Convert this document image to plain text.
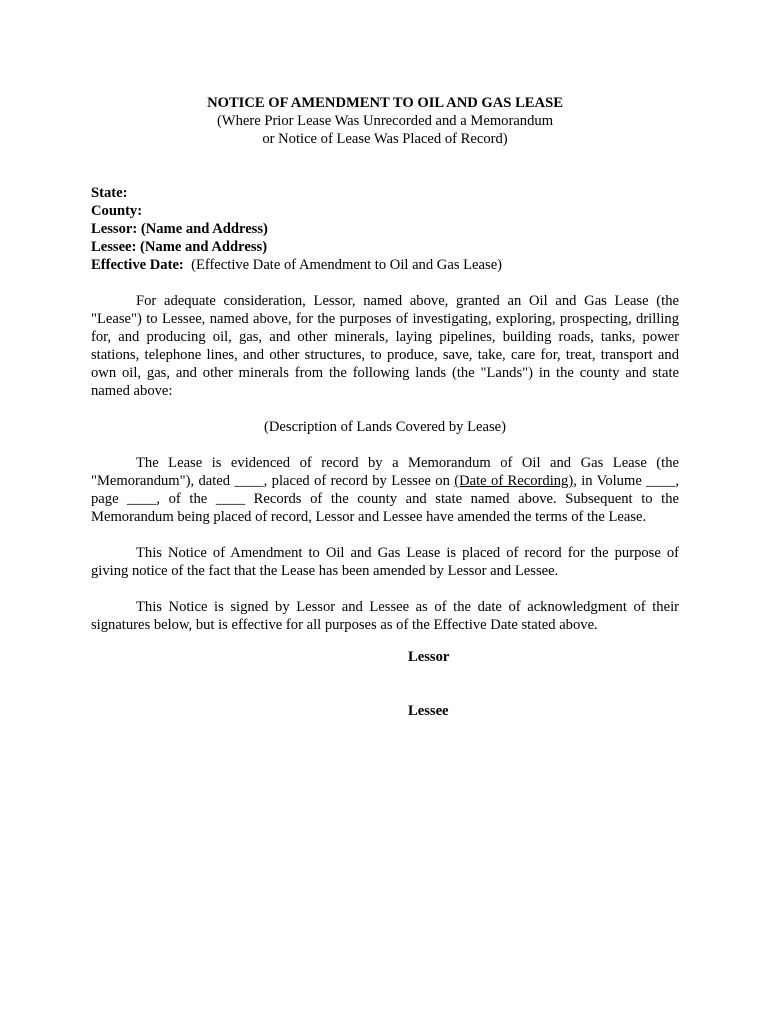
NOTICE OF AMENDMENT TO OIL AND GAS LEASE
(Where Prior Lease Was Unrecorded and a Memorandum
or Notice of Lease Was Placed of Record)
State:
County:
Lessor: (Name and Address)
Lessee: (Name and Address)
Effective Date: (Effective Date of Amendment to Oil and Gas Lease)

For adequate consideration, Lessor, named above, granted an Oil and Gas Lease (the "Lease") to Lessee, named above, for the purposes of investigating, exploring, prospecting, drilling for, and producing oil, gas, and other minerals, laying pipelines, building roads, tanks, power stations, telephone lines, and other structures, to produce, save, take, care for, treat, transport and own oil, gas, and other minerals from the following lands (the "Lands") in the county and state named above:

(Description of Lands Covered by Lease)

The Lease is evidenced of record by a Memorandum of Oil and Gas Lease (the "Memorandum"), dated ____, placed of record by Lessee on (Date of Recording), in Volume ____, page ____, of the ____ Records of the county and state named above. Subsequent to the Memorandum being placed of record, Lessor and Lessee have amended the terms of the Lease.

This Notice of Amendment to Oil and Gas Lease is placed of record for the purpose of giving notice of the fact that the Lease has been amended by Lessor and Lessee.

This Notice is signed by Lessor and Lessee as of the date of acknowledgment of their signatures below, but is effective for all purposes as of the Effective Date stated above.

Lessor
Lessee
